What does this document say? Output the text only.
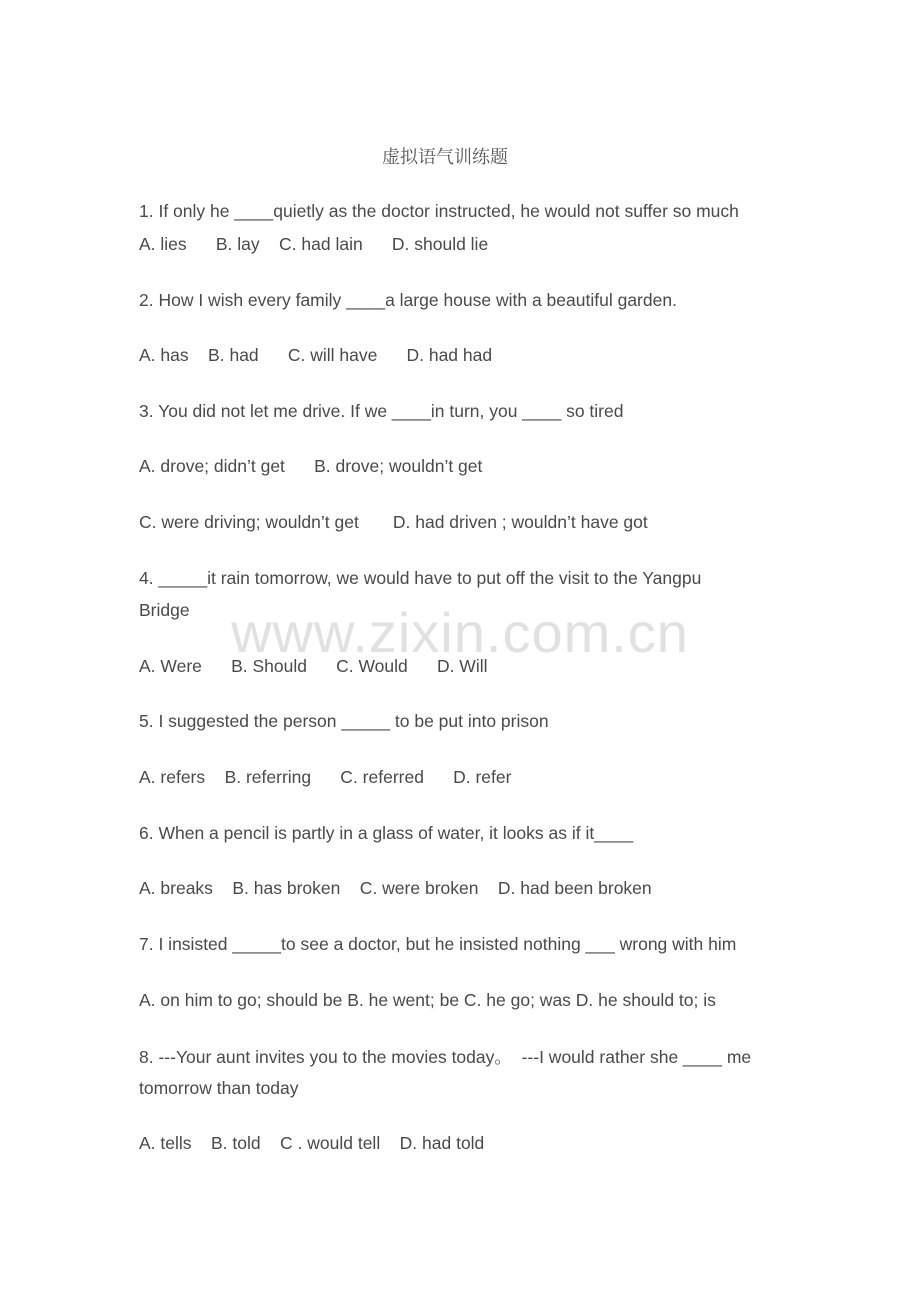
www.zixin.com.cn
虚拟语气训练题
1. If only he ____quietly as the doctor instructed, he would not suffer so much
A. lies      B. lay    C. had lain      D. should lie
2. How I wish every family ____a large house with a beautiful garden.
A. has    B. had      C. will have      D. had had
3. You did not let me drive. If we ____in turn, you ____ so tired
A. drove; didn’t get      B. drove; wouldn’t get
C. were driving; wouldn’t get       D. had driven ; wouldn’t have got
4. _____it rain tomorrow, we would have to put off the visit to the Yangpu
Bridge
A. Were      B. Should      C. Would      D. Will
5. I suggested the person _____ to be put into prison
A. refers    B. referring      C. referred      D. refer
6. When a pencil is partly in a glass of water, it looks as if it____
A. breaks    B. has broken    C. were broken    D. had been broken
7. I insisted _____to see a doctor, but he insisted nothing ___ wrong with him
A. on him to go; should be B. he went; be C. he go; was D. he should to; is
8. ---Your aunt invites you to the movies today。  ---I would rather she ____ me
tomorrow than today
A. tells    B. told    C . would tell    D. had told
